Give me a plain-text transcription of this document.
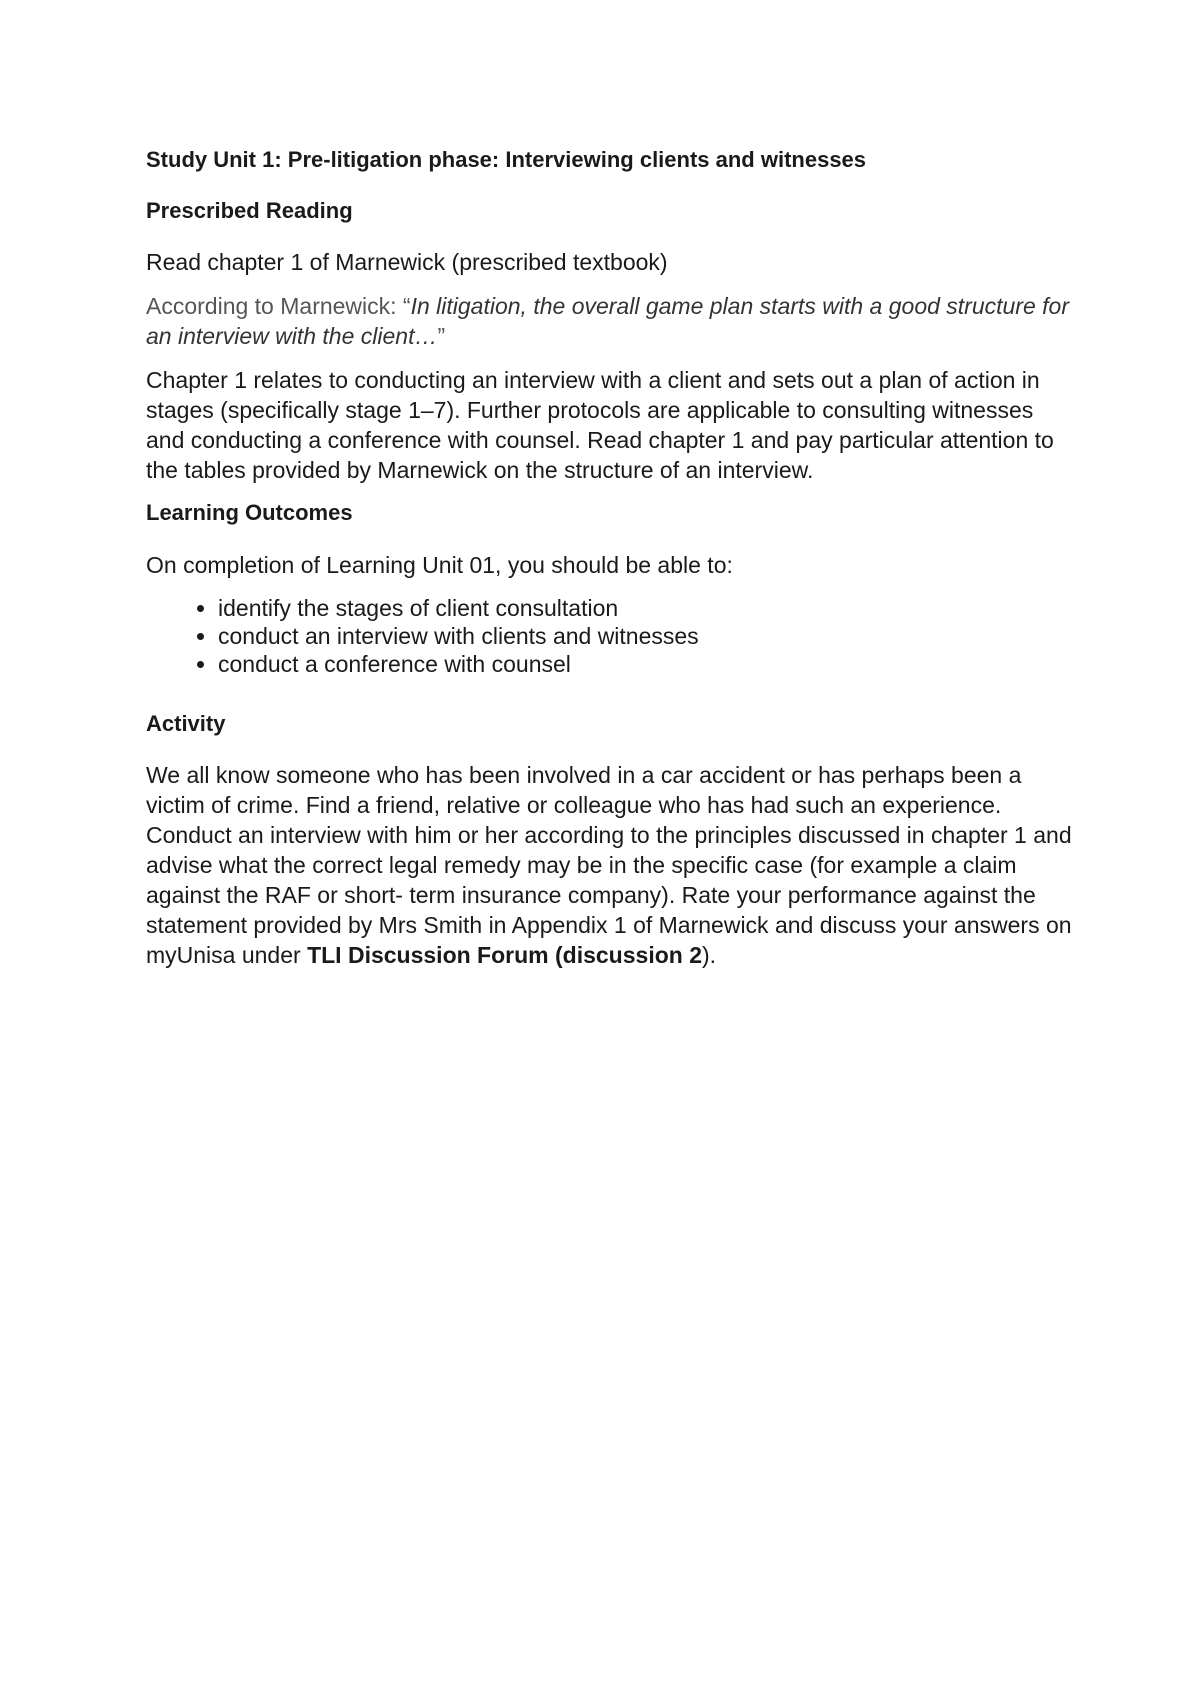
Study Unit 1: Pre-litigation phase: Interviewing clients and witnesses
Prescribed Reading

Read chapter 1 of Marnewick (prescribed textbook)

According to Marnewick: “In litigation, the overall game plan starts with a good structure for an interview with the client…”

Chapter 1 relates to conducting an interview with a client and sets out a plan of action in stages (specifically stage 1–7). Further protocols are applicable to consulting witnesses and conducting a conference with counsel. Read chapter 1 and pay particular attention to the tables provided by Marnewick on the structure of an interview.

Learning Outcomes

On completion of Learning Unit 01, you should be able to:

• identify the stages of client consultation
• conduct an interview with clients and witnesses
• conduct a conference with counsel
Activity

We all know someone who has been involved in a car accident or has perhaps been a victim of crime. Find a friend, relative or colleague who has had such an experience. Conduct an interview with him or her according to the principles discussed in chapter 1 and advise what the correct legal remedy may be in the specific case (for example a claim against the RAF or short- term insurance company). Rate your performance against the statement provided by Mrs Smith in Appendix 1 of Marnewick and discuss your answers on myUnisa under TLI Discussion Forum (discussion 2).
